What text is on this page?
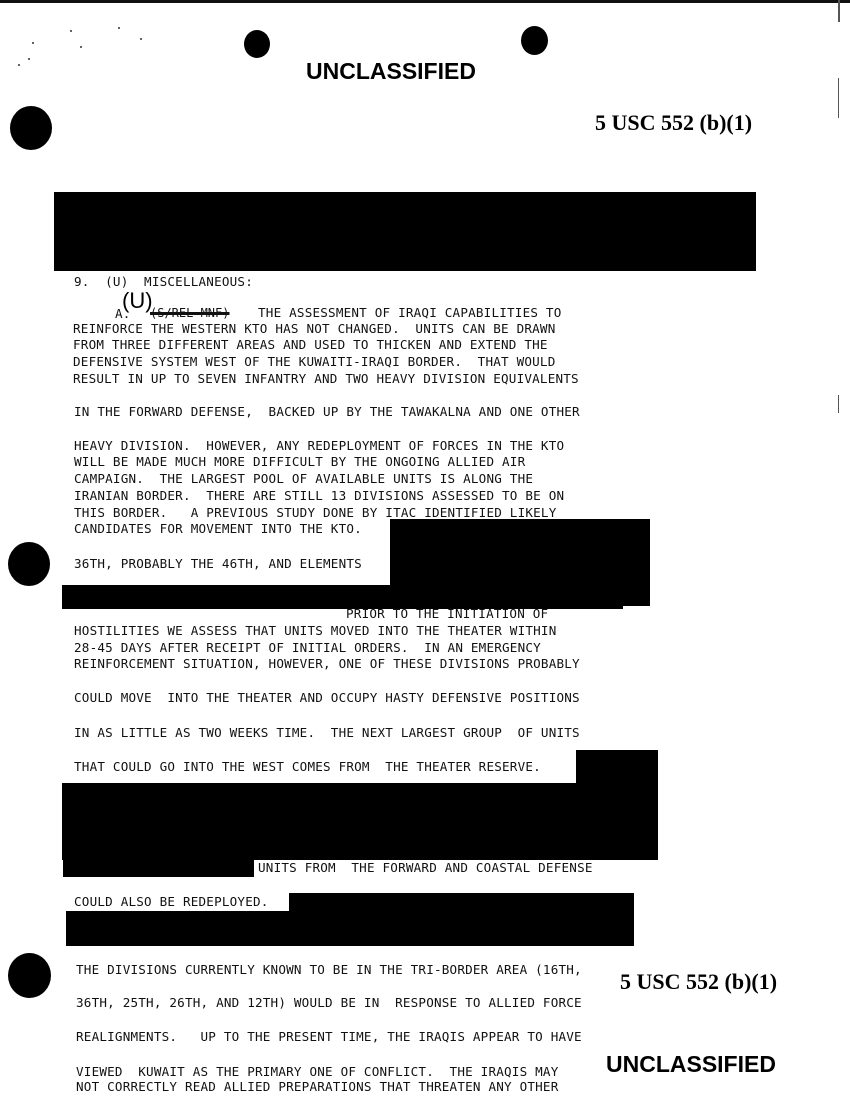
UNCLASSIFIED
5 USC 552 (b)(1)
9.  (U)  MISCELLANEOUS:
A.
(U)
(S/REL MNF) THE ASSESSMENT OF IRAQI CAPABILITIES TO
REINFORCE THE WESTERN KTO HAS NOT CHANGED.  UNITS CAN BE DRAWN
FROM THREE DIFFERENT AREAS AND USED TO THICKEN AND EXTEND THE
DEFENSIVE SYSTEM WEST OF THE KUWAITI-IRAQI BORDER.  THAT WOULD
RESULT IN UP TO SEVEN INFANTRY AND TWO HEAVY DIVISION EQUIVALENTS
IN THE FORWARD DEFENSE,  BACKED UP BY THE TAWAKALNA AND ONE OTHER
HEAVY DIVISION.  HOWEVER, ANY REDEPLOYMENT OF FORCES IN THE KTO
WILL BE MADE MUCH MORE DIFFICULT BY THE ONGOING ALLIED AIR
CAMPAIGN.  THE LARGEST POOL OF AVAILABLE UNITS IS ALONG THE
IRANIAN BORDER.  THERE ARE STILL 13 DIVISIONS ASSESSED TO BE ON
THIS BORDER.   A PREVIOUS STUDY DONE BY ITAC IDENTIFIED LIKELY
CANDIDATES FOR MOVEMENT INTO THE KTO.
36TH, PROBABLY THE 46TH, AND ELEMENTS
PRIOR TO THE INITIATION OF
HOSTILITIES WE ASSESS THAT UNITS MOVED INTO THE THEATER WITHIN
28-45 DAYS AFTER RECEIPT OF INITIAL ORDERS.  IN AN EMERGENCY
REINFORCEMENT SITUATION, HOWEVER, ONE OF THESE DIVISIONS PROBABLY
COULD MOVE  INTO THE THEATER AND OCCUPY HASTY DEFENSIVE POSITIONS
IN AS LITTLE AS TWO WEEKS TIME.  THE NEXT LARGEST GROUP  OF UNITS
THAT COULD GO INTO THE WEST COMES FROM  THE THEATER RESERVE.
UNITS FROM  THE FORWARD AND COASTAL DEFENSE
COULD ALSO BE REDEPLOYED.
THE DIVISIONS CURRENTLY KNOWN TO BE IN THE TRI-BORDER AREA (16TH,
36TH, 25TH, 26TH, AND 12TH) WOULD BE IN  RESPONSE TO ALLIED FORCE
REALIGNMENTS.   UP TO THE PRESENT TIME, THE IRAQIS APPEAR TO HAVE
VIEWED  KUWAIT AS THE PRIMARY ONE OF CONFLICT.  THE IRAQIS MAY
NOT CORRECTLY READ ALLIED PREPARATIONS THAT THREATEN ANY OTHER
5 USC 552 (b)(1)
UNCLASSIFIED
